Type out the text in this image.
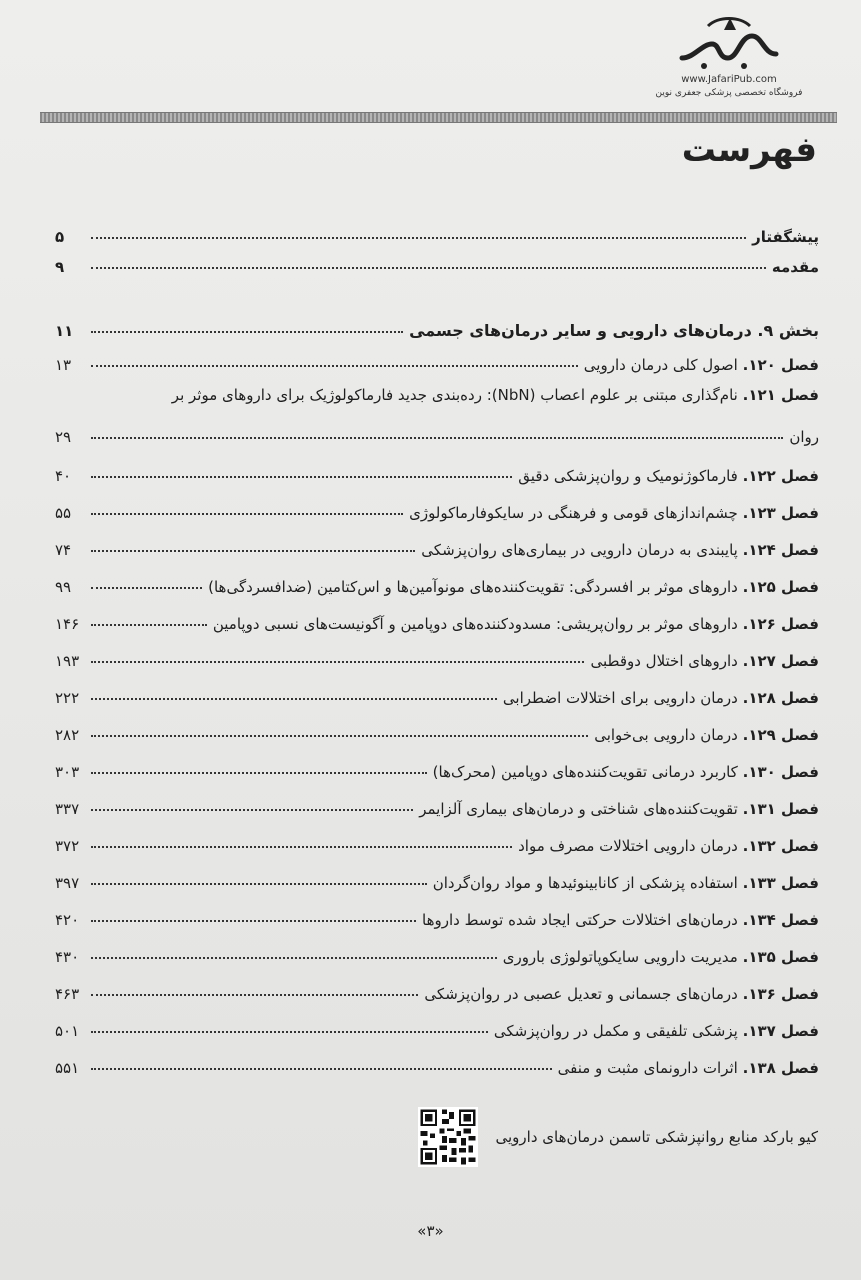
www.JafariPub.com
فروشگاه تخصصی پزشکی جعفری نوین
فهرست
پیشگفتار
۵
مقدمه
۹
بخش ۹. درمان‌های دارویی و سایر درمان‌های جسمی
۱۱
فصل ۱۲۰. اصول کلی درمان دارویی
۱۳
فصل ۱۲۱. نام‌گذاری مبتنی بر علوم اعصاب (NbN): رده‌بندی جدید فارماکولوژیک برای داروهای موثر بر
روان
۲۹
فصل ۱۲۲. فارماکوژنومیک و روان‌پزشکی دقیق
۴۰
فصل ۱۲۳. چشم‌اندازهای قومی و فرهنگی در سایکوفارماکولوژی
۵۵
فصل ۱۲۴. پایبندی به درمان دارویی در بیماری‌های روان‌پزشکی
۷۴
فصل ۱۲۵. داروهای موثر بر افسردگی: تقویت‌کننده‌های مونوآمین‌ها و اس‌کتامین (ضدافسردگی‌ها)
۹۹
فصل ۱۲۶. داروهای موثر بر روان‌پریشی: مسدودکننده‌های دوپامین و آگونیست‌های نسبی دوپامین
۱۴۶
فصل ۱۲۷. داروهای اختلال دوقطبی
۱۹۳
فصل ۱۲۸. درمان دارویی برای اختلالات اضطرابی
۲۲۲
فصل ۱۲۹. درمان دارویی بی‌خوابی
۲۸۲
فصل ۱۳۰. کاربرد درمانی تقویت‌کننده‌های دوپامین (محرک‌ها)
۳۰۳
فصل ۱۳۱. تقویت‌کننده‌های شناختی و درمان‌های بیماری آلزایمر
۳۳۷
فصل ۱۳۲. درمان دارویی اختلالات مصرف مواد
۳۷۲
فصل ۱۳۳. استفاده پزشکی از کانابینوئیدها و مواد روان‌گردان
۳۹۷
فصل ۱۳۴. درمان‌های اختلالات حرکتی ایجاد شده توسط داروها
۴۲۰
فصل ۱۳۵. مدیریت دارویی سایکوپاتولوژی باروری
۴۳۰
فصل ۱۳۶. درمان‌های جسمانی و تعدیل عصبی در روان‌پزشکی
۴۶۳
فصل ۱۳۷. پزشکی تلفیقی و مکمل در روان‌پزشکی
۵۰۱
فصل ۱۳۸. اثرات دارونمای مثبت و منفی
۵۵۱
کیو بارکد منابع روانپزشکی تاسمن درمان‌های دارویی
«۳»
